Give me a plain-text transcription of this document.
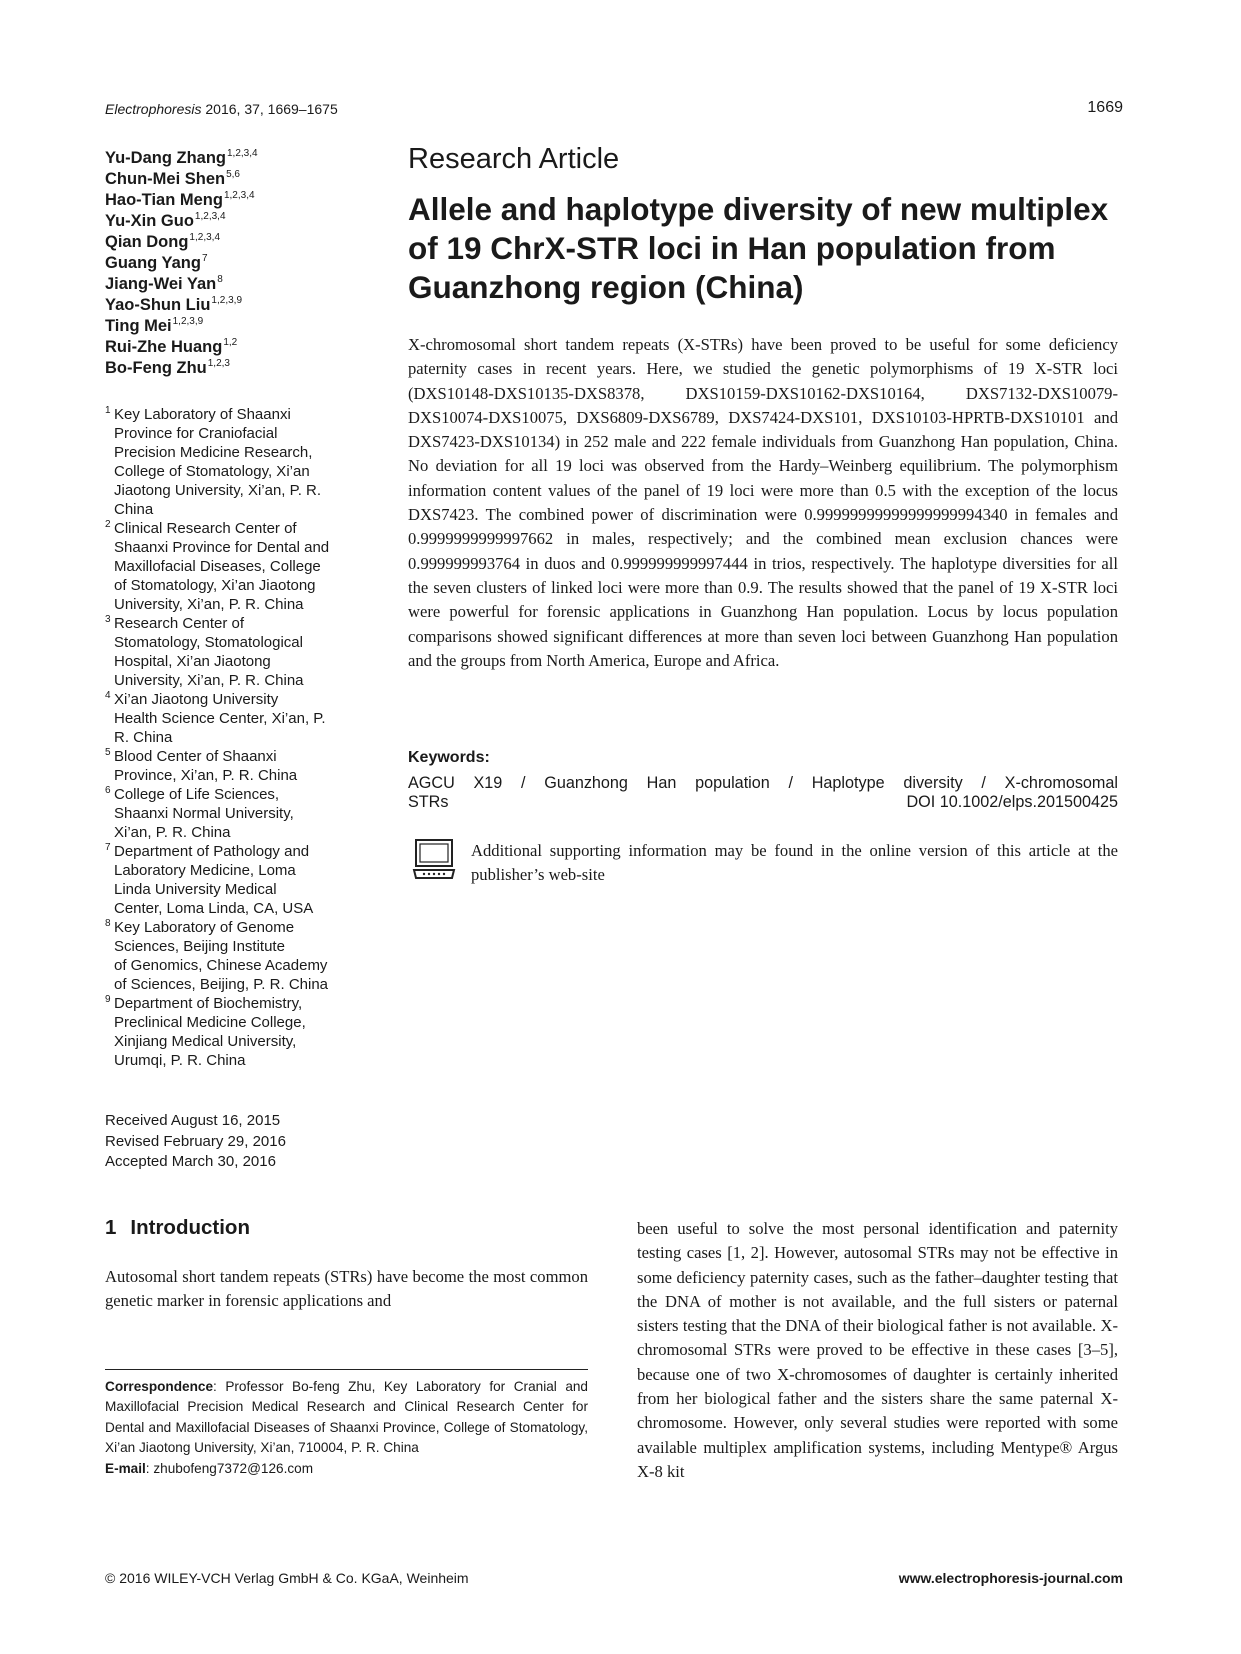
Electrophoresis 2016, 37, 1669–1675	1669
Yu-Dang Zhang$^{1,2,3,4}$
Chun-Mei Shen$^{5,6}$
Hao-Tian Meng$^{1,2,3,4}$
Yu-Xin Guo$^{1,2,3,4}$
Qian Dong$^{1,2,3,4}$
Guang Yang$^7$
Jiang-Wei Yan$^8$
Yao-Shun Liu$^{1,2,3,9}$
Ting Mei$^{1,2,3,9}$
Rui-Zhe Huang$^{1,2}$
Bo-Feng Zhu$^{1,2,3}$
1 Key Laboratory of Shaanxi
Province for Craniofacial
Precision Medicine Research,
College of Stomatology, Xi’an
Jiaotong University, Xi’an, P. R.
China
2 Clinical Research Center of
Shaanxi Province for Dental and
Maxillofacial Diseases, College
of Stomatology, Xi’an Jiaotong
University, Xi’an, P. R. China
3 Research Center of
Stomatology, Stomatological
Hospital, Xi’an Jiaotong
University, Xi’an, P. R. China
4 Xi’an Jiaotong University
Health Science Center, Xi’an, P.
R. China
5 Blood Center of Shaanxi
Province, Xi’an, P. R. China
6 College of Life Sciences,
Shaanxi Normal University,
Xi’an, P. R. China
7 Department of Pathology and
Laboratory Medicine, Loma
Linda University Medical
Center, Loma Linda, CA, USA
8 Key Laboratory of Genome
Sciences, Beijing Institute
of Genomics, Chinese Academy
of Sciences, Beijing, P. R. China
9 Department of Biochemistry,
Preclinical Medicine College,
Xinjiang Medical University,
Urumqi, P. R. China
Received August 16, 2015
Revised February 29, 2016
Accepted March 30, 2016
Research Article
Allele and haplotype diversity of new multiplex of 19 ChrX-STR loci in Han population from Guanzhong region (China)
X-chromosomal short tandem repeats (X-STRs) have been proved to be useful for some deficiency paternity cases in recent years. Here, we studied the genetic polymorphisms of 19 X-STR loci (DXS10148-DXS10135-DXS8378, DXS10159-DXS10162-DXS10164, DXS7132-DXS10079-DXS10074-DXS10075, DXS6809-DXS6789, DXS7424-DXS101, DXS10103-HPRTB-DXS10101 and DXS7423-DXS10134) in 252 male and 222 female individuals from Guanzhong Han population, China. No deviation for all 19 loci was observed from the Hardy–Weinberg equilibrium. The polymorphism information content values of the panel of 19 loci were more than 0.5 with the exception of the locus DXS7423. The combined power of discrimination were 0.99999999999999999994340 in females and 0.9999999999997662 in males, respectively; and the combined mean exclusion chances were 0.999999993764 in duos and 0.999999999997444 in trios, respectively. The haplotype diversities for all the seven clusters of linked loci were more than 0.9. The results showed that the panel of 19 X-STR loci were powerful for forensic applications in Guanzhong Han population. Locus by locus population comparisons showed significant differences at more than seven loci between Guanzhong Han population and the groups from North America, Europe and Africa.
Keywords:
AGCU X19 / Guanzhong Han population / Haplotype diversity / X-chromosomal
STRs	DOI 10.1002/elps.201500425
Additional supporting information may be found in the online version of this article at the publisher’s web-site
1 Introduction
Autosomal short tandem repeats (STRs) have become the most common genetic marker in forensic applications and
Correspondence: Professor Bo-feng Zhu, Key Laboratory for Cranial and Maxillofacial Precision Medical Research and Clinical Research Center for Dental and Maxillofacial Diseases of Shaanxi Province, College of Stomatology, Xi’an Jiaotong University, Xi’an, 710004, P. R. China
E-mail: zhubofeng7372@126.com
been useful to solve the most personal identification and paternity testing cases [1, 2]. However, autosomal STRs may not be effective in some deficiency paternity cases, such as the father–daughter testing that the DNA of mother is not available, and the full sisters or paternal sisters testing that the DNA of their biological father is not available. X-chromosomal STRs were proved to be effective in these cases [3–5], because one of two X-chromosomes of daughter is certainly inherited from her biological father and the sisters share the same paternal X-chromosome. However, only several studies were reported with some available multiplex amplification systems, including Mentype® Argus X-8 kit
© 2016 WILEY-VCH Verlag GmbH & Co. KGaA, Weinheim	www.electrophoresis-journal.com
